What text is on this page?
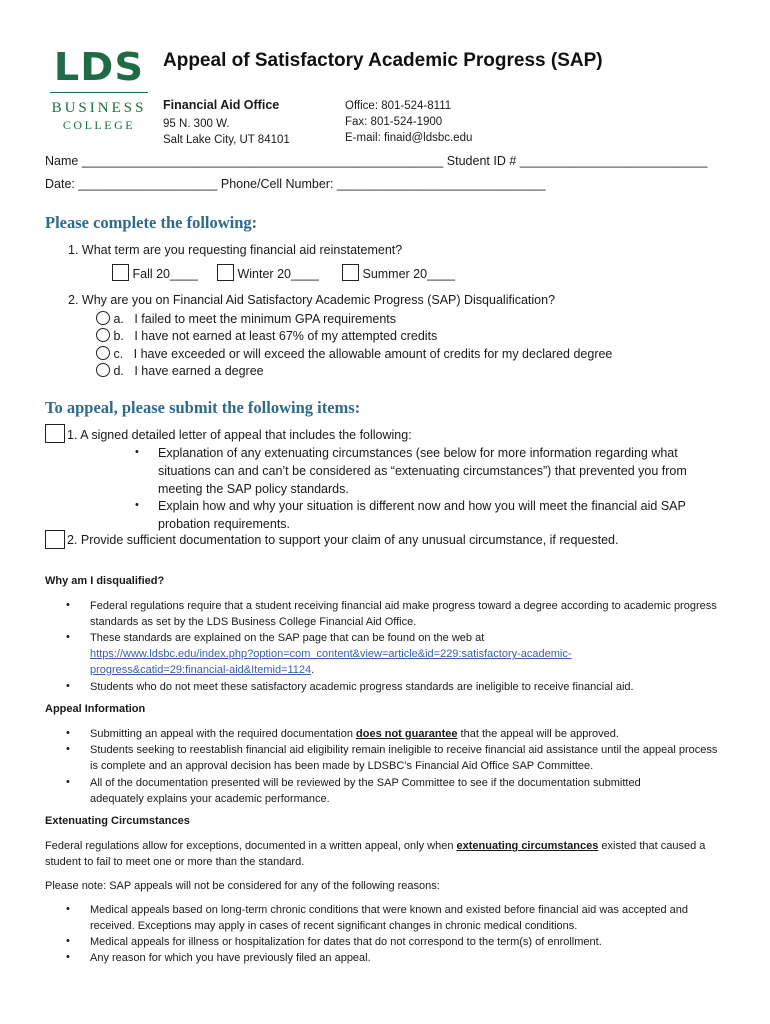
LDS
BUSINESS
COLLEGE
Appeal of Satisfactory Academic Progress (SAP)
Financial Aid Office
95 N. 300 W.
Salt Lake City, UT 84101
Office: 801-524-8111
Fax: 801-524-1900
E-mail: finaid@ldsbc.edu
Name ____________________________________________________ Student ID # ___________________________
Date: ____________________ Phone/Cell Number: ______________________________
Please complete the following:
1. What term are you requesting financial aid reinstatement?
Fall 20____	Winter 20____	Summer 20____
2. Why are you on Financial Aid Satisfactory Academic Progress (SAP) Disqualification?
a. I failed to meet the minimum GPA requirements
b. I have not earned at least 67% of my attempted credits
c. I have exceeded or will exceed the allowable amount of credits for my declared degree
d. I have earned a degree
To appeal, please submit the following items:
1. A signed detailed letter of appeal that includes the following:
• Explanation of any extenuating circumstances (see below for more information regarding what situations can and can’t be considered as “extenuating circumstances”) that prevented you from meeting the SAP policy standards.
• Explain how and why your situation is different now and how you will meet the financial aid SAP probation requirements.
2. Provide sufficient documentation to support your claim of any unusual circumstance, if requested.
Why am I disqualified?
• Federal regulations require that a student receiving financial aid make progress toward a degree according to academic progress standards as set by the LDS Business College Financial Aid Office.
• These standards are explained on the SAP page that can be found on the web at
https://www.ldsbc.edu/index.php?option=com_content&view=article&id=229:satisfactory-academic-
progress&catid=29:financial-aid&Itemid=1124.
• Students who do not meet these satisfactory academic progress standards are ineligible to receive financial aid.
Appeal Information
• Submitting an appeal with the required documentation does not guarantee that the appeal will be approved.
• Students seeking to reestablish financial aid eligibility remain ineligible to receive financial aid assistance until the appeal process is complete and an approval decision has been made by LDSBC’s Financial Aid Office SAP Committee.
• All of the documentation presented will be reviewed by the SAP Committee to see if the documentation submitted adequately explains your academic performance.
Extenuating Circumstances
Federal regulations allow for exceptions, documented in a written appeal, only when extenuating circumstances existed that caused a student to fail to meet one or more than the standard.
Please note: SAP appeals will not be considered for any of the following reasons:
• Medical appeals based on long-term chronic conditions that were known and existed before financial aid was accepted and received. Exceptions may apply in cases of recent significant changes in chronic medical conditions.
• Medical appeals for illness or hospitalization for dates that do not correspond to the term(s) of enrollment.
• Any reason for which you have previously filed an appeal.
